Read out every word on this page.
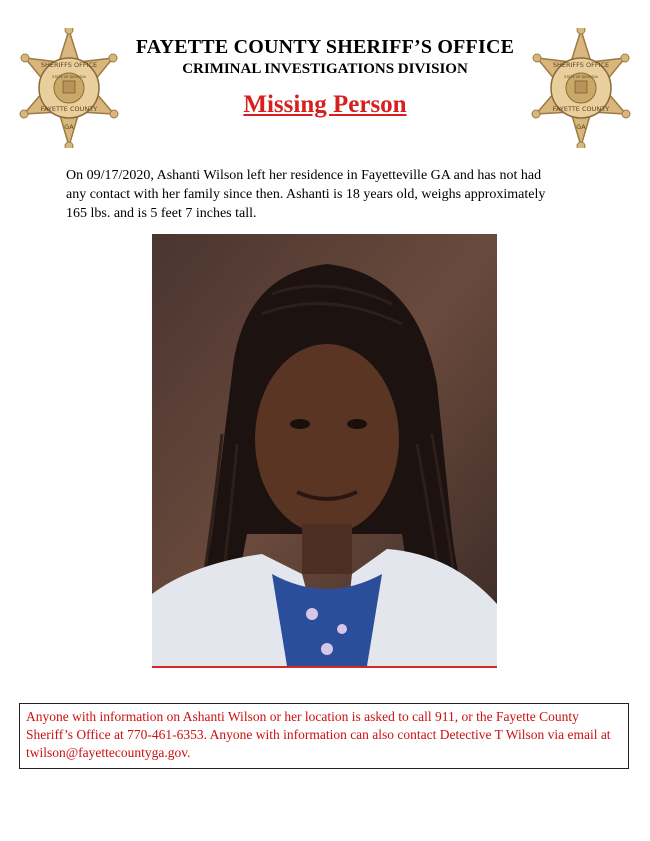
SHERIFFS OFFICE
STATE OF GEORGIA
FAYETTE COUNTY
GA
SHERIFFS OFFICE
STATE OF GEORGIA
FAYETTE COUNTY
GA
FAYETTE COUNTY SHERIFF’S OFFICE
CRIMINAL INVESTIGATIONS DIVISION
Missing Person
On 09/17/2020, Ashanti Wilson left her residence in Fayetteville GA and has not had any contact with her family since then. Ashanti is 18 years old, weighs approximately 165 lbs. and is 5 feet 7 inches tall.
Anyone with information on Ashanti Wilson or her location is asked to call 911, or the Fayette County Sheriff’s Office at 770-461-6353. Anyone with information can also contact Detective T Wilson via email at twilson@fayettecountyga.gov.
